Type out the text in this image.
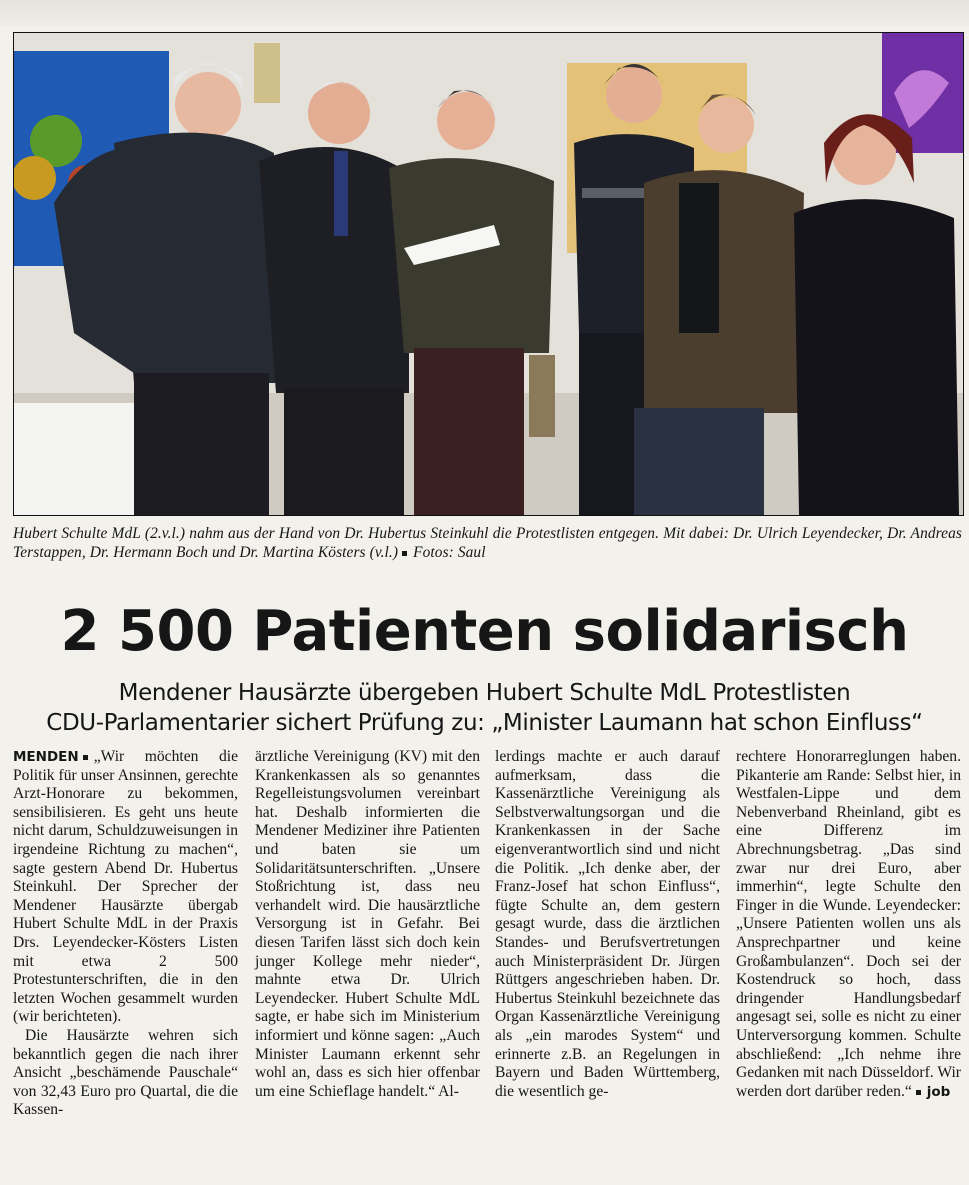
Hubert Schulte MdL (2.v.l.) nahm aus der Hand von Dr. Hubertus Steinkuhl die Protestlisten entgegen. Mit dabei: Dr. Ulrich Leyendecker, Dr. Andreas Terstappen, Dr. Hermann Boch und Dr. Martina Kösters (v.l.) Fotos: Saul
2 500 Patienten solidarisch
Mendener Hausärzte übergeben Hubert Schulte MdL Protestlisten
CDU-Parlamentarier sichert Prüfung zu: „Minister Laumann hat schon Einfluss“

MENDEN „Wir möchten die Politik für unser Ansinnen, gerechte Arzt-Honorare zu bekommen, sensibilisieren. Es geht uns heute nicht darum, Schuldzuweisungen in irgendeine Richtung zu machen“, sagte gestern Abend Dr. Hubertus Steinkuhl. Der Sprecher der Mendener Hausärzte übergab Hubert Schulte MdL in der Praxis Drs. Leyendecker-Kösters Listen mit etwa 2 500 Protestunterschriften, die in den letzten Wochen gesammelt wurden (wir berichteten).

Die Hausärzte wehren sich bekanntlich gegen die nach ihrer Ansicht „beschämende Pauschale“ von 32,43 Euro pro Quartal, die die Kassen-

ärztliche Vereinigung (KV) mit den Krankenkassen als so genanntes Regelleistungsvolumen vereinbart hat. Deshalb informierten die Mendener Mediziner ihre Patienten und baten sie um Solidaritätsunterschriften. „Unsere Stoßrichtung ist, dass neu verhandelt wird. Die hausärztliche Versorgung ist in Gefahr. Bei diesen Tarifen lässt sich doch kein junger Kollege mehr nieder“, mahnte etwa Dr. Ulrich Leyendecker. Hubert Schulte MdL sagte, er habe sich im Ministerium informiert und könne sagen: „Auch Minister Laumann erkennt sehr wohl an, dass es sich hier offenbar um eine Schieflage handelt.“ Al-

lerdings machte er auch darauf aufmerksam, dass die Kassenärztliche Vereinigung als Selbstverwaltungsorgan und die Krankenkassen in der Sache eigenverantwortlich sind und nicht die Politik. „Ich denke aber, der Franz-Josef hat schon Einfluss“, fügte Schulte an, dem gestern gesagt wurde, dass die ärztlichen Standes- und Berufsvertretungen auch Ministerpräsident Dr. Jürgen Rüttgers angeschrieben haben. Dr. Hubertus Steinkuhl bezeichnete das Organ Kassenärztliche Vereinigung als „ein marodes System“ und erinnerte z.B. an Regelungen in Bayern und Baden Württemberg, die wesentlich ge-

rechtere Honorarreglungen haben. Pikanterie am Rande: Selbst hier, in Westfalen-Lippe und dem Nebenverband Rheinland, gibt es eine Differenz im Abrechnungsbetrag. „Das sind zwar nur drei Euro, aber immerhin“, legte Schulte den Finger in die Wunde. Leyendecker: „Unsere Patienten wollen uns als Ansprechpartner und keine Großambulanzen“. Doch sei der Kostendruck so hoch, dass dringender Handlungsbedarf angesagt sei, solle es nicht zu einer Unterversorgung kommen. Schulte abschließend: „Ich nehme ihre Gedanken mit nach Düsseldorf. Wir werden dort darüber reden.“ job
